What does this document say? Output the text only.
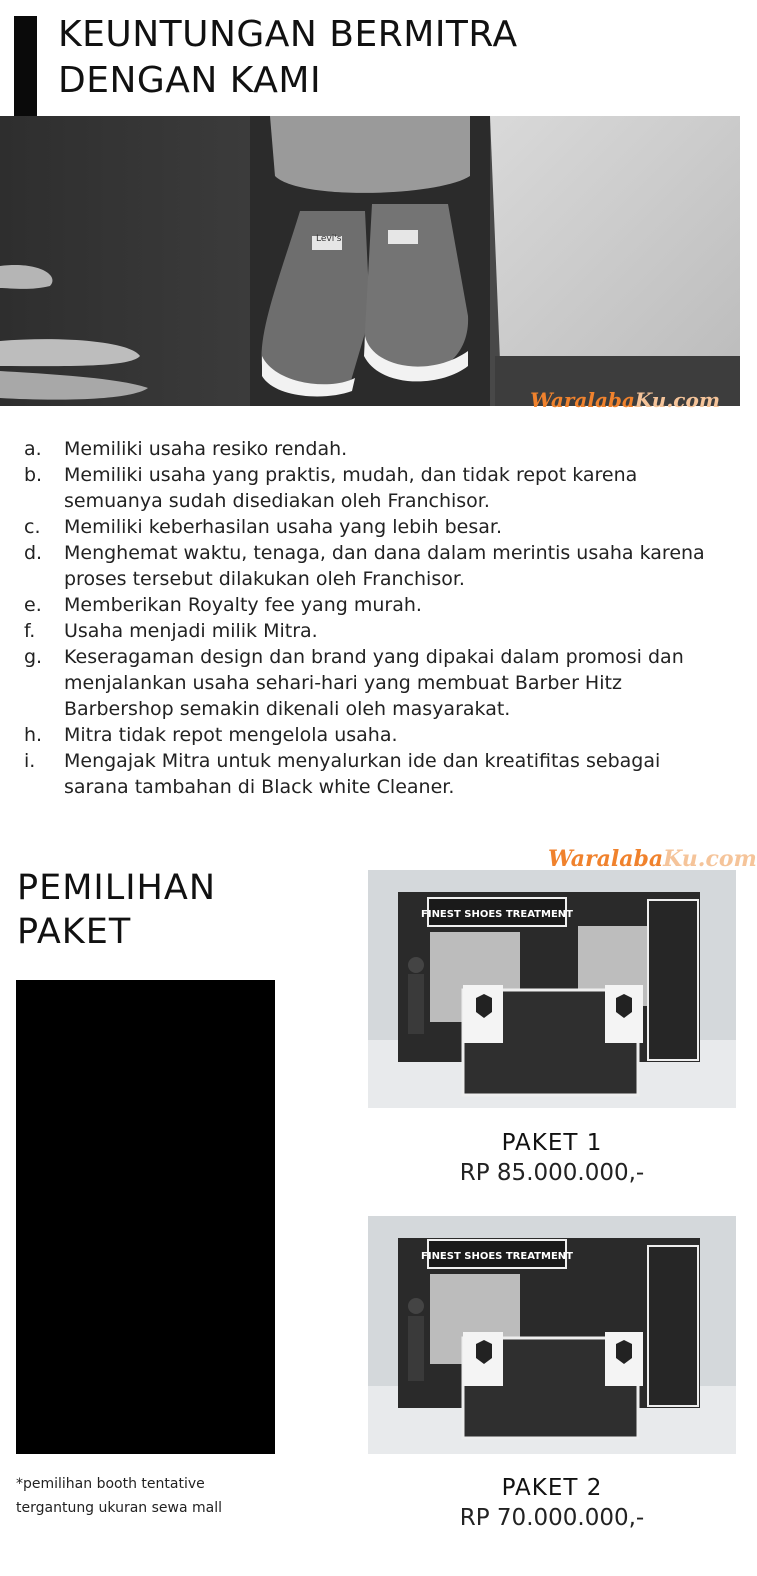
KEUNTUNGAN BERMITRA
DENGAN KAMI
WaralabaKu.com
Levi's
a.	Memiliki usaha resiko rendah.
b.	Memiliki usaha yang praktis, mudah, dan tidak repot karena semuanya sudah disediakan oleh Franchisor.
c.	Memiliki keberhasilan usaha yang lebih besar.
d.	Menghemat waktu, tenaga, dan dana dalam merintis usaha karena proses tersebut dilakukan oleh Franchisor.
e.	Memberikan Royalty fee yang murah.
f.	Usaha menjadi milik Mitra.
g.	Keseragaman design dan brand yang dipakai dalam promosi dan menjalankan usaha sehari-hari yang membuat Barber Hitz Barbershop semakin dikenali oleh masyarakat.
h.	Mitra tidak repot mengelola usaha.
i.	Mengajak Mitra untuk menyalurkan ide dan kreatifitas sebagai sarana tambahan di Black white Cleaner.
PEMILIHAN
PAKET
*pemilihan booth tentative
tergantung ukuran sewa mall
FINEST SHOES TREATMENT
WaralabaKu.com
PAKET 1
RP 85.000.000,-
FINEST SHOES TREATMENT
PAKET 2
RP 70.000.000,-
